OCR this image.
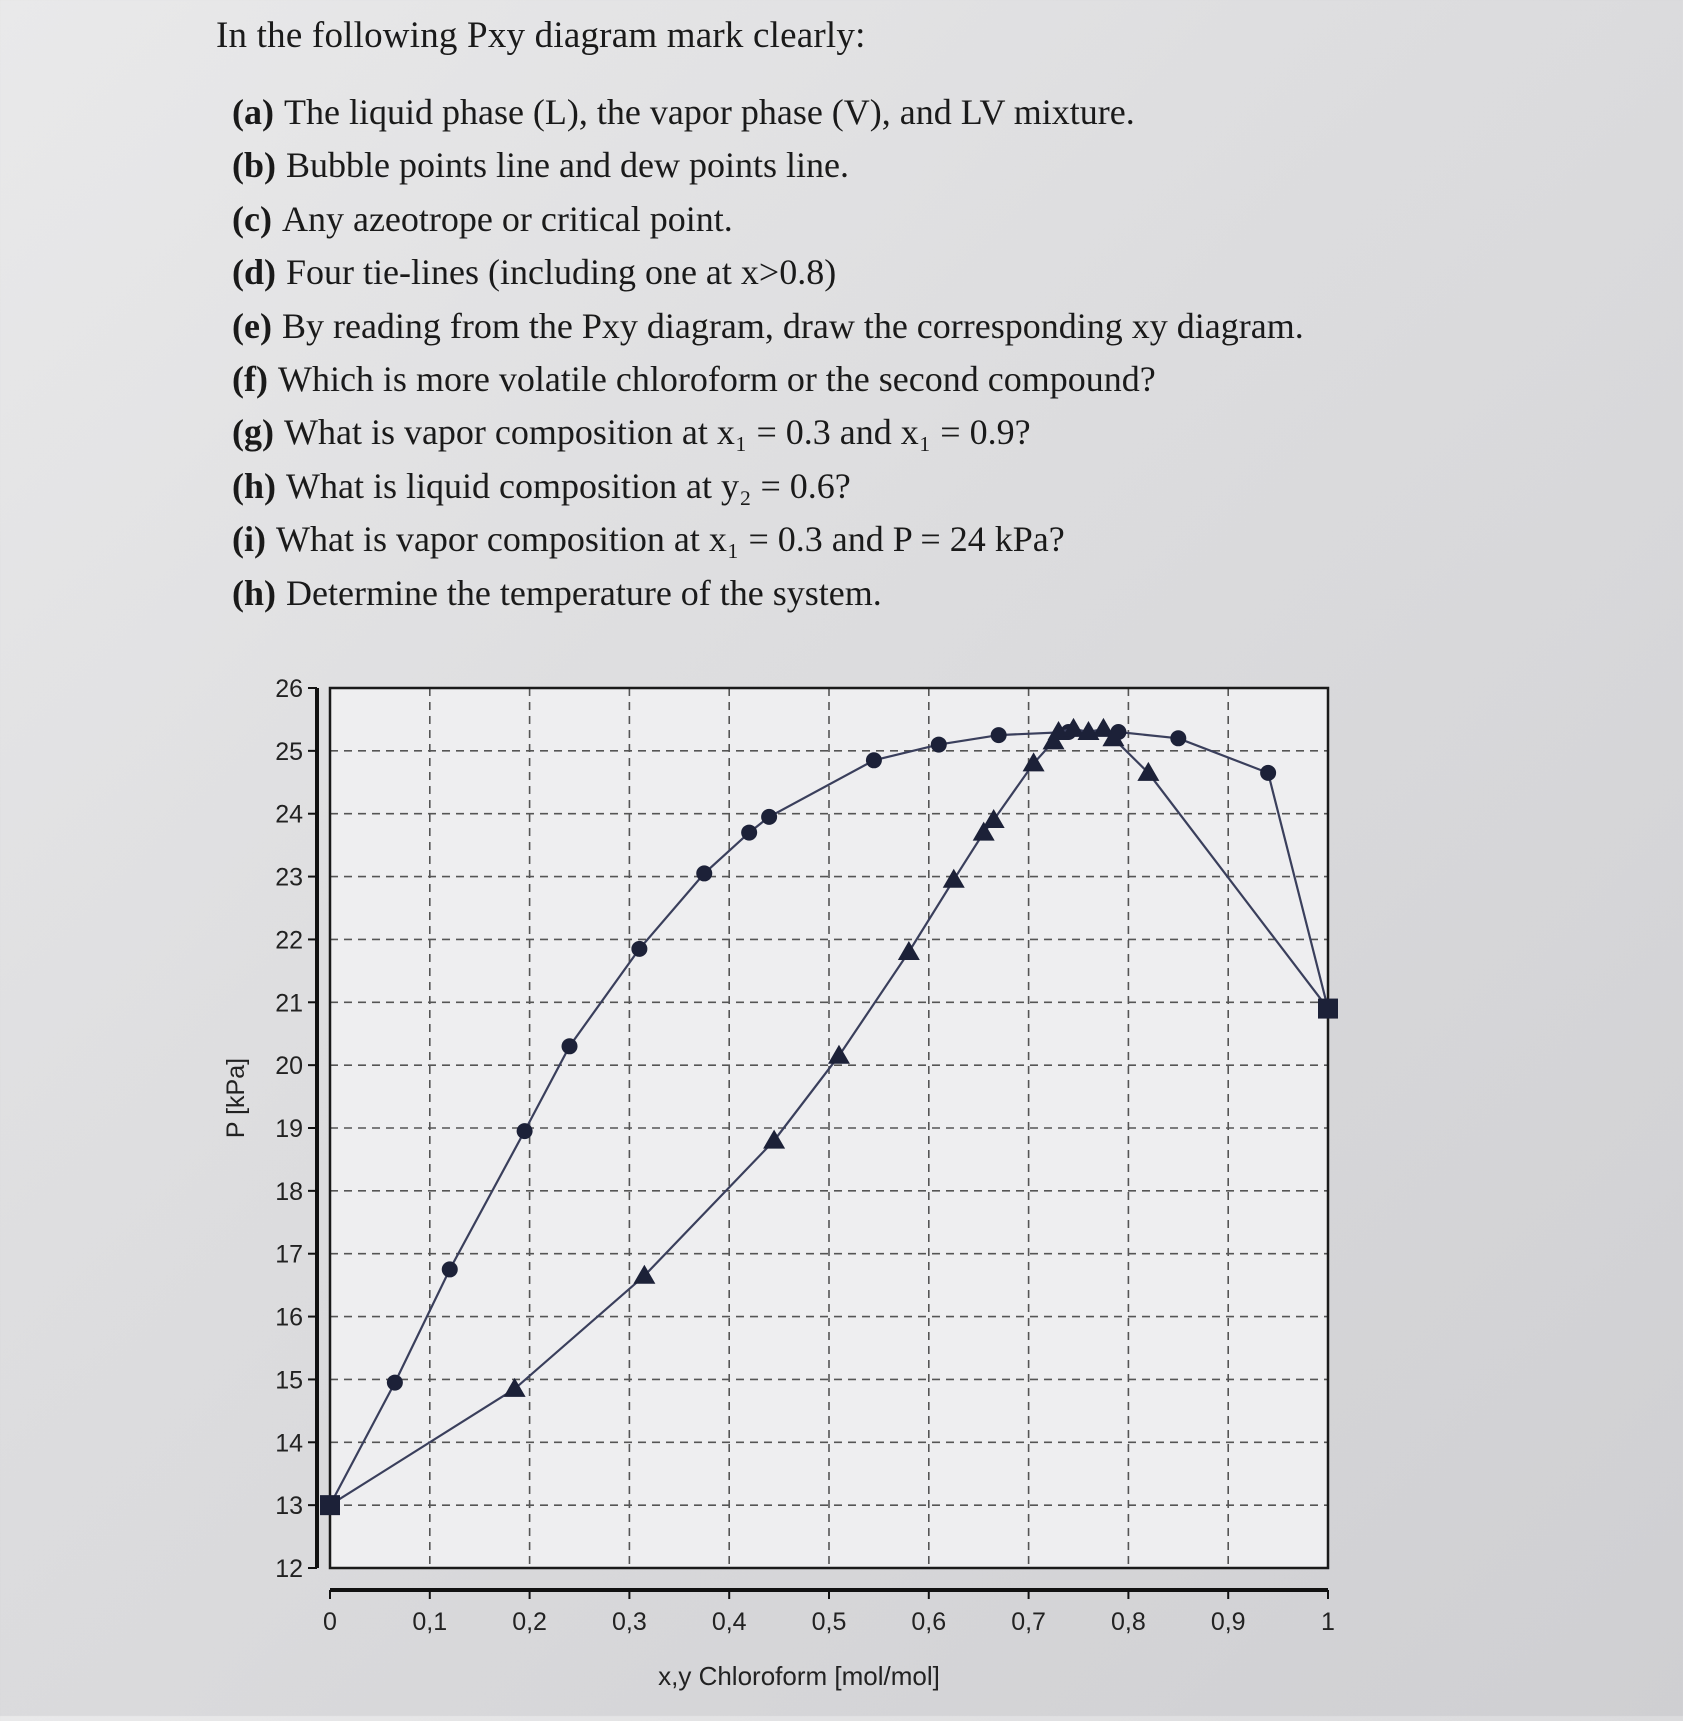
In the following Pxy diagram mark clearly:
(a) The liquid phase (L), the vapor phase (V), and LV mixture.
(b) Bubble points line and dew points line.
(c) Any azeotrope or critical point.
(d) Four tie-lines (including one at x>0.8)
(e) By reading from the Pxy diagram, draw the corresponding xy diagram.
(f) Which is more volatile chloroform or the second compound?
(g) What is vapor composition at x₁ = 0.3 and x₁ = 0.9?
(h) What is liquid composition at y₂ = 0.6?
(i) What is vapor composition at x₁ = 0.3 and P = 24 kPa?
(h) Determine the temperature of the system.
12
13
14
15
16
17
18
19
20
21
22
23
24
25
26
0	0,1	0,2	0,3	0,4	0,5	0,6	0,7	0,8	0,9	1
x,y Chloroform [mol/mol]
P [kPa]
